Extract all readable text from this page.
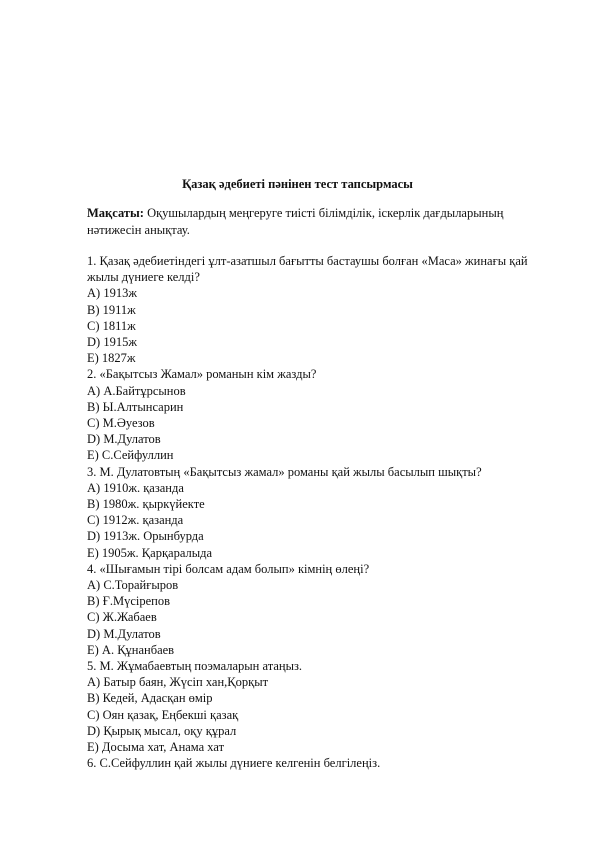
Қазақ әдебиеті пәнінен тест тапсырмасы
Мақсаты: Оқушылардың меңгеруге тиісті білімділік, іскерлік дағдыларының нәтижесін анықтау.
1. Қазақ әдебиетіндегі ұлт-азатшыл бағытты бастаушы болған «Маса» жинағы қай жылы дүниеге келді?
A) 1913ж
B) 1911ж
C) 1811ж
D) 1915ж
E) 1827ж
2. «Бақытсыз Жамал» романын кім жазды?
A) А.Байтұрсынов
B) Ы.Алтынсарин
C) М.Әуезов
D) М.Дулатов
E) С.Сейфуллин
3. М. Дулатовтың «Бақытсыз жамал» романы қай жылы басылып шықты?
A) 1910ж. қазанда
B) 1980ж. қыркүйекте
C) 1912ж. қазанда
D) 1913ж. Орынбурда
E) 1905ж. Қарқаралыда
4. «Шығамын тірі болсам адам болып» кімнің өлеңі?
A) С.Торайғыров
B) Ғ.Мүсірепов
C) Ж.Жабаев
D) М.Дулатов
E) А. Құнанбаев
5. М. Жұмабаевтың поэмаларын атаңыз.
A) Батыр баян, Жүсіп хан,Қорқыт
B) Кедей, Адасқан өмір
C) Оян қазақ, Еңбекші қазақ
D) Қырық мысал, оқу құрал
E) Досыма хат, Анама хат
6. С.Сейфуллин қай жылы дүниеге келгенін белгілеңіз.
